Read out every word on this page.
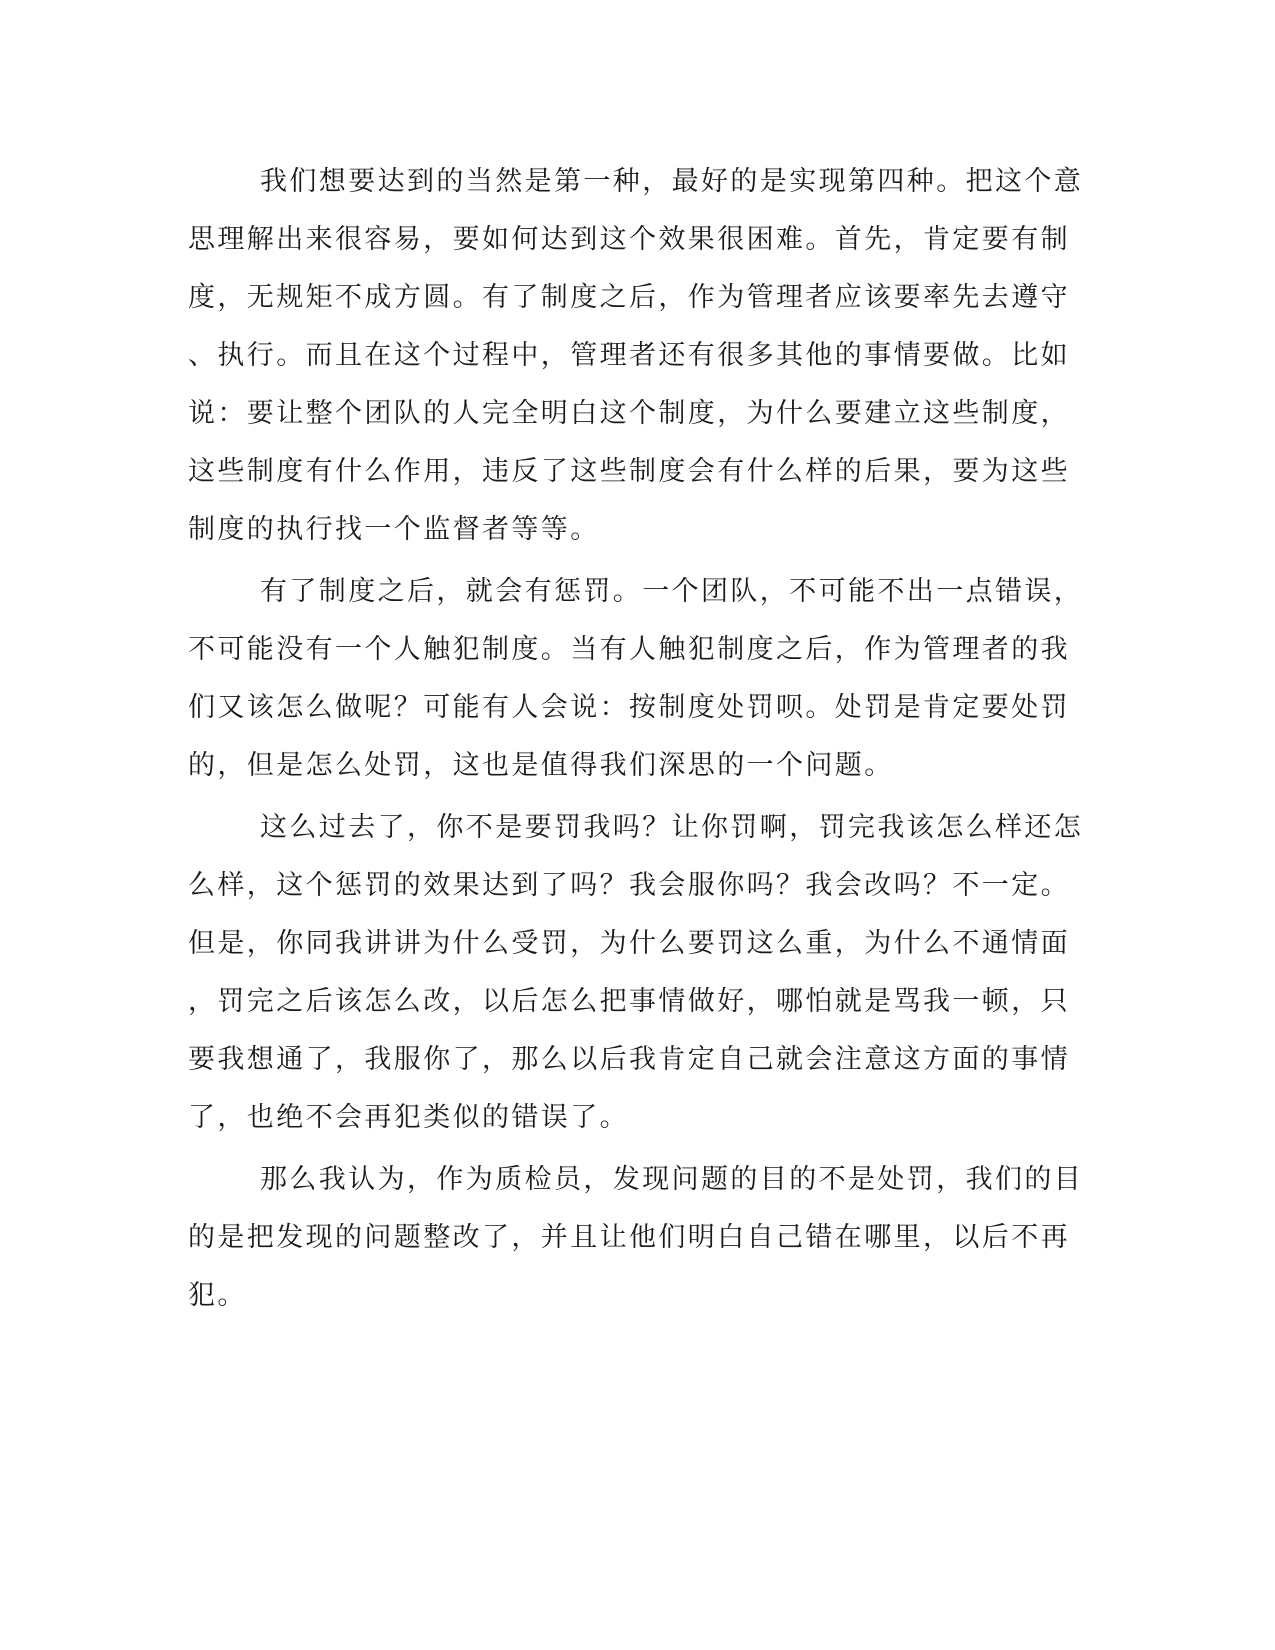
我们想要达到的当然是第一种，最好的是实现第四种。把这个意
思理解出来很容易，要如何达到这个效果很困难。首先，肯定要有制
度，无规矩不成方圆。有了制度之后，作为管理者应该要率先去遵守
、执行。而且在这个过程中，管理者还有很多其他的事情要做。比如
说：要让整个团队的人完全明白这个制度，为什么要建立这些制度，
这些制度有什么作用，违反了这些制度会有什么样的后果，要为这些
制度的执行找一个监督者等等。
有了制度之后，就会有惩罚。一个团队，不可能不出一点错误，
不可能没有一个人触犯制度。当有人触犯制度之后，作为管理者的我
们又该怎么做呢？可能有人会说：按制度处罚呗。处罚是肯定要处罚
的，但是怎么处罚，这也是值得我们深思的一个问题。
这么过去了，你不是要罚我吗？让你罚啊，罚完我该怎么样还怎
么样，这个惩罚的效果达到了吗？我会服你吗？我会改吗？不一定。
但是，你同我讲讲为什么受罚，为什么要罚这么重，为什么不通情面
，罚完之后该怎么改，以后怎么把事情做好，哪怕就是骂我一顿，只
要我想通了，我服你了，那么以后我肯定自己就会注意这方面的事情
了，也绝不会再犯类似的错误了。
那么我认为，作为质检员，发现问题的目的不是处罚，我们的目
的是把发现的问题整改了，并且让他们明白自己错在哪里，以后不再
犯。
